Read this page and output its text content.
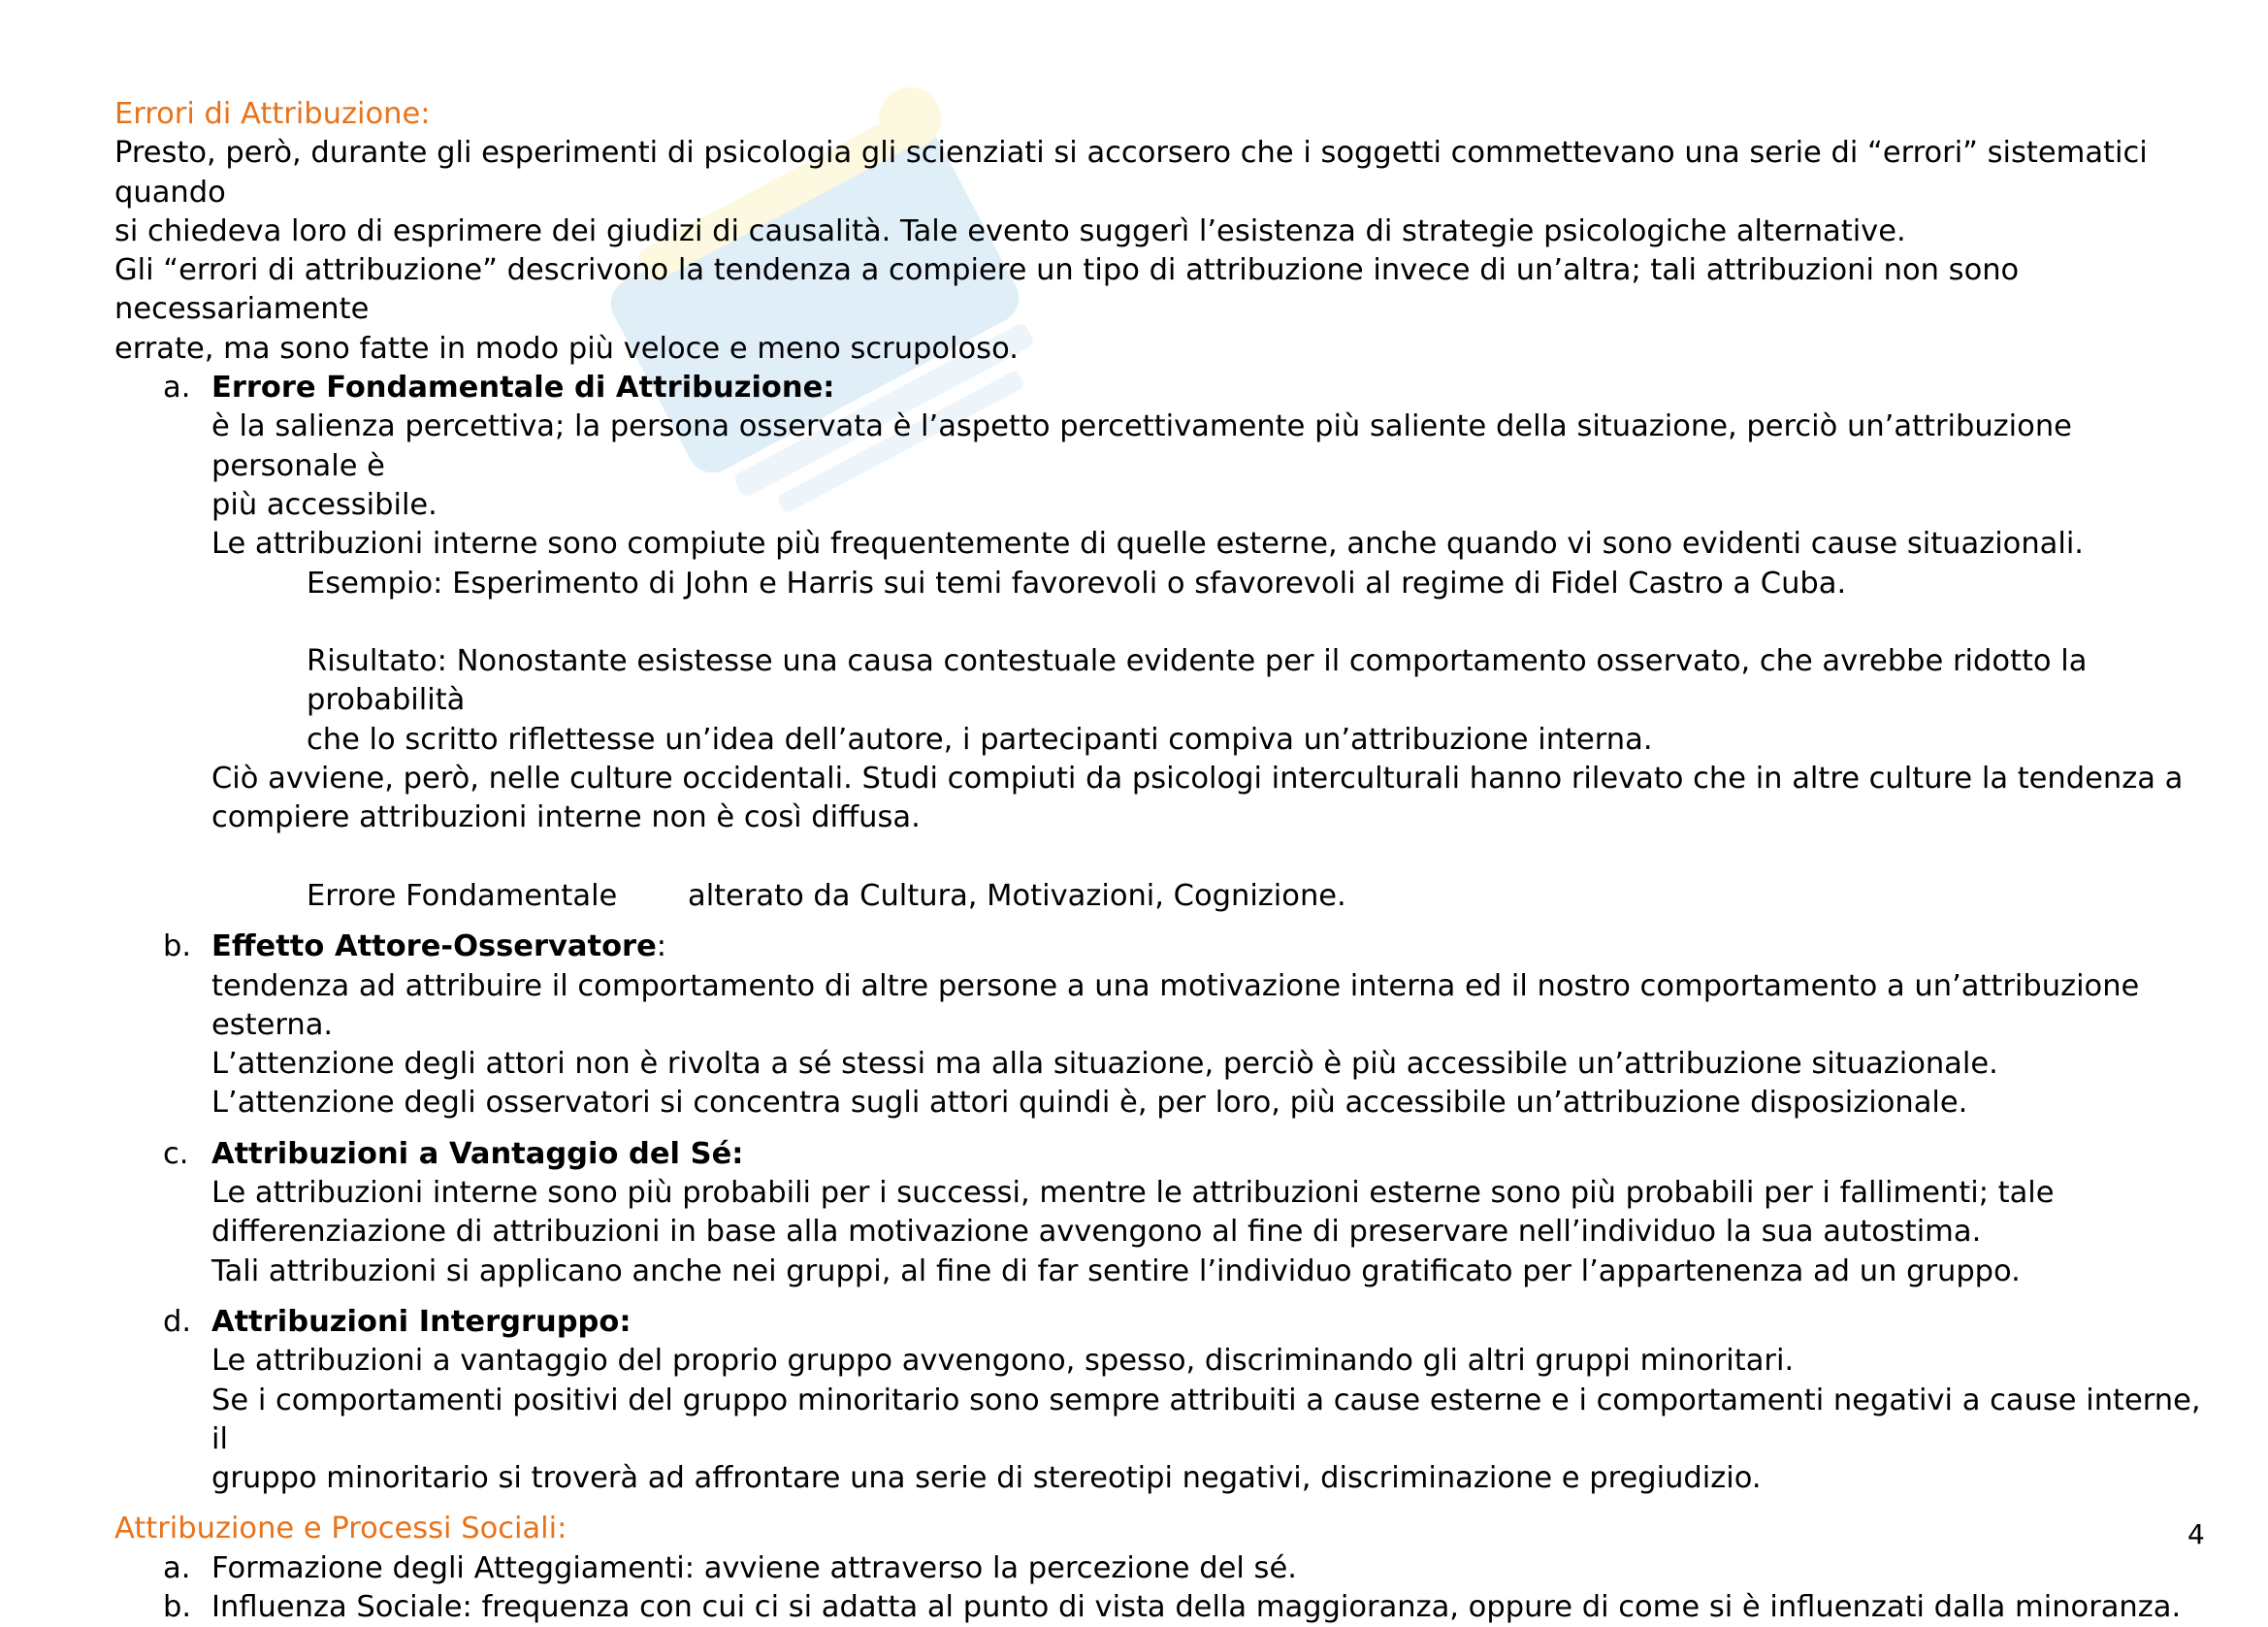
Errori di Attribuzione:

Presto, però, durante gli esperimenti di psicologia gli scienziati si accorsero che i soggetti commettevano una serie di “errori” sistematici quando

si chiedeva loro di esprimere dei giudizi di causalità. Tale evento suggerì l’esistenza di strategie psicologiche alternative.

Gli “errori di attribuzione” descrivono la tendenza a compiere un tipo di attribuzione invece di un’altra; tali attribuzioni non sono necessariamente

errate, ma sono fatte in modo più veloce e meno scrupoloso.

a. Errore Fondamentale di Attribuzione:

è la salienza percettiva; la persona osservata è l’aspetto percettivamente più saliente della situazione, perciò un’attribuzione personale è

più accessibile.

Le attribuzioni interne sono compiute più frequentemente di quelle esterne, anche quando vi sono evidenti cause situazionali.

Esempio: Esperimento di John e Harris sui temi favorevoli o sfavorevoli al regime di Fidel Castro a Cuba.

Risultato: Nonostante esistesse una causa contestuale evidente per il comportamento osservato, che avrebbe ridotto la probabilità

che lo scritto riflettesse un’idea dell’autore, i partecipanti compiva un’attribuzione interna.

Ciò avviene, però, nelle culture occidentali. Studi compiuti da psicologi interculturali hanno rilevato che in altre culture la tendenza a

compiere attribuzioni interne non è così diffusa.

Errore Fondamentale alterato da Cultura, Motivazioni, Cognizione.

b. Effetto Attore-Osservatore:

tendenza ad attribuire il comportamento di altre persone a una motivazione interna ed il nostro comportamento a un’attribuzione esterna.

L’attenzione degli attori non è rivolta a sé stessi ma alla situazione, perciò è più accessibile un’attribuzione situazionale.

L’attenzione degli osservatori si concentra sugli attori quindi è, per loro, più accessibile un’attribuzione disposizionale.

c. Attribuzioni a Vantaggio del Sé:

Le attribuzioni interne sono più probabili per i successi, mentre le attribuzioni esterne sono più probabili per i fallimenti; tale

differenziazione di attribuzioni in base alla motivazione avvengono al fine di preservare nell’individuo la sua autostima.

Tali attribuzioni si applicano anche nei gruppi, al fine di far sentire l’individuo gratificato per l’appartenenza ad un gruppo.

d. Attribuzioni Intergruppo:

Le attribuzioni a vantaggio del proprio gruppo avvengono, spesso, discriminando gli altri gruppi minoritari.

Se i comportamenti positivi del gruppo minoritario sono sempre attribuiti a cause esterne e i comportamenti negativi a cause interne, il

gruppo minoritario si troverà ad affrontare una serie di stereotipi negativi, discriminazione e pregiudizio.

Attribuzione e Processi Sociali:
a. Formazione degli Atteggiamenti: avviene attraverso la percezione del sé.
b. Influenza Sociale: frequenza con cui ci si adatta al punto di vista della maggioranza, oppure di come si è influenzati dalla minoranza.
4
